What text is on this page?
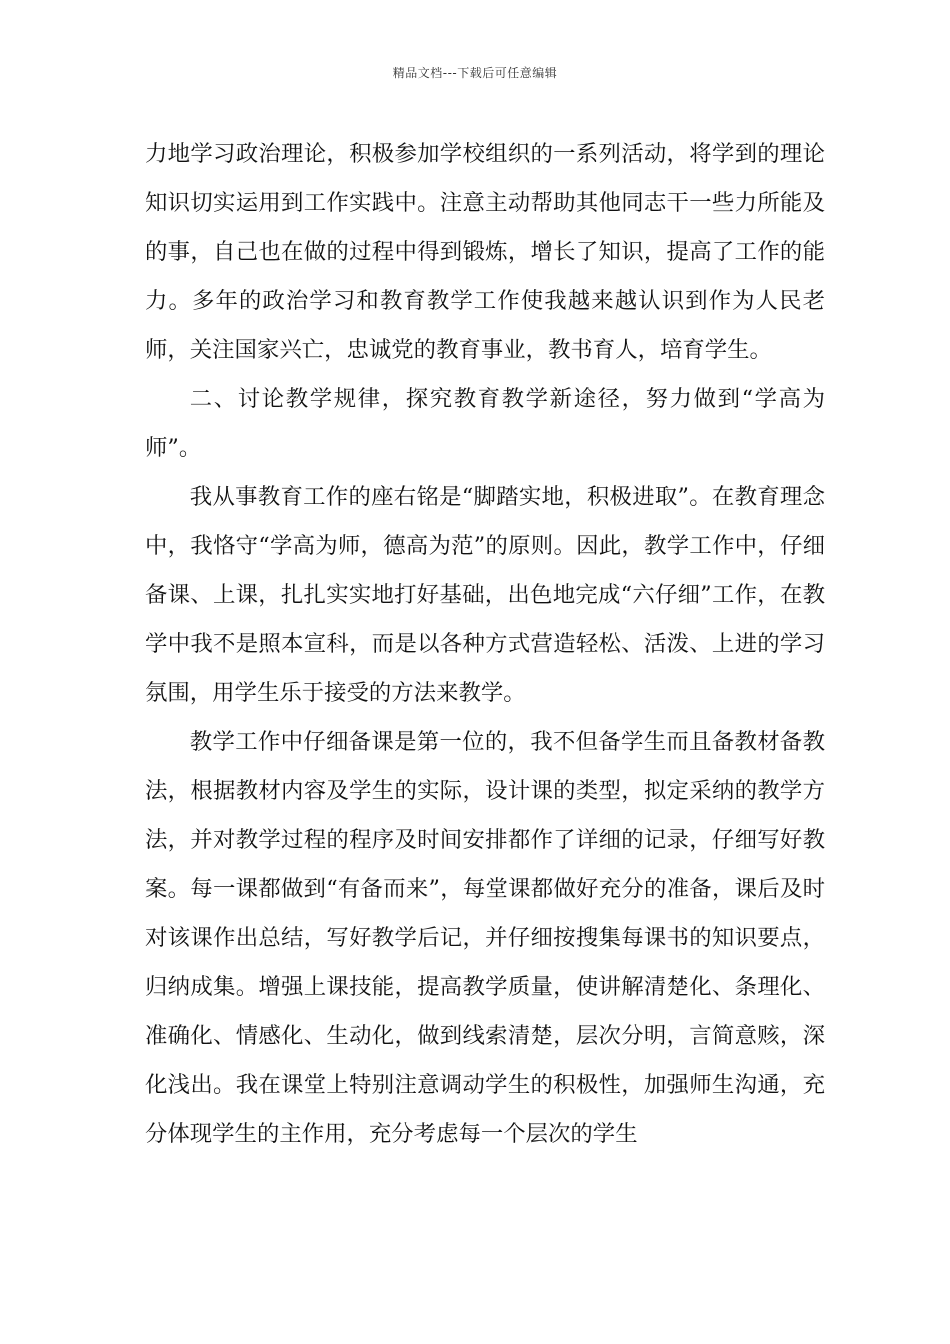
精品文档---下载后可任意编辑

力地学习政治理论，积极参加学校组织的一系列活动，将学到的理论知识切实运用到工作实践中。注意主动帮助其他同志干一些力所能及的事，自己也在做的过程中得到锻炼，增长了知识，提高了工作的能力。多年的政治学习和教育教学工作使我越来越认识到作为人民老师，关注国家兴亡，忠诚党的教育事业，教书育人，培育学生。

二、讨论教学规律，探究教育教学新途径，努力做到“学高为师”。

我从事教育工作的座右铭是“脚踏实地，积极进取”。在教育理念中，我恪守“学高为师，德高为范”的原则。因此，教学工作中，仔细备课、上课，扎扎实实地打好基础，出色地完成“六仔细”工作，在教学中我不是照本宣科，而是以各种方式营造轻松、活泼、上进的学习氛围，用学生乐于接受的方法来教学。

教学工作中仔细备课是第一位的，我不但备学生而且备教材备教法，根据教材内容及学生的实际，设计课的类型，拟定采纳的教学方法，并对教学过程的程序及时间安排都作了详细的记录，仔细写好教案。每一课都做到“有备而来”，每堂课都做好充分的准备，课后及时对该课作出总结，写好教学后记，并仔细按搜集每课书的知识要点，归纳成集。增强上课技能，提高教学质量，使讲解清楚化、条理化、准确化、情感化、生动化，做到线索清楚，层次分明，言简意赅，深化浅出。我在课堂上特别注意调动学生的积极性，加强师生沟通，充分体现学生的主作用，充分考虑每一个层次的学生
